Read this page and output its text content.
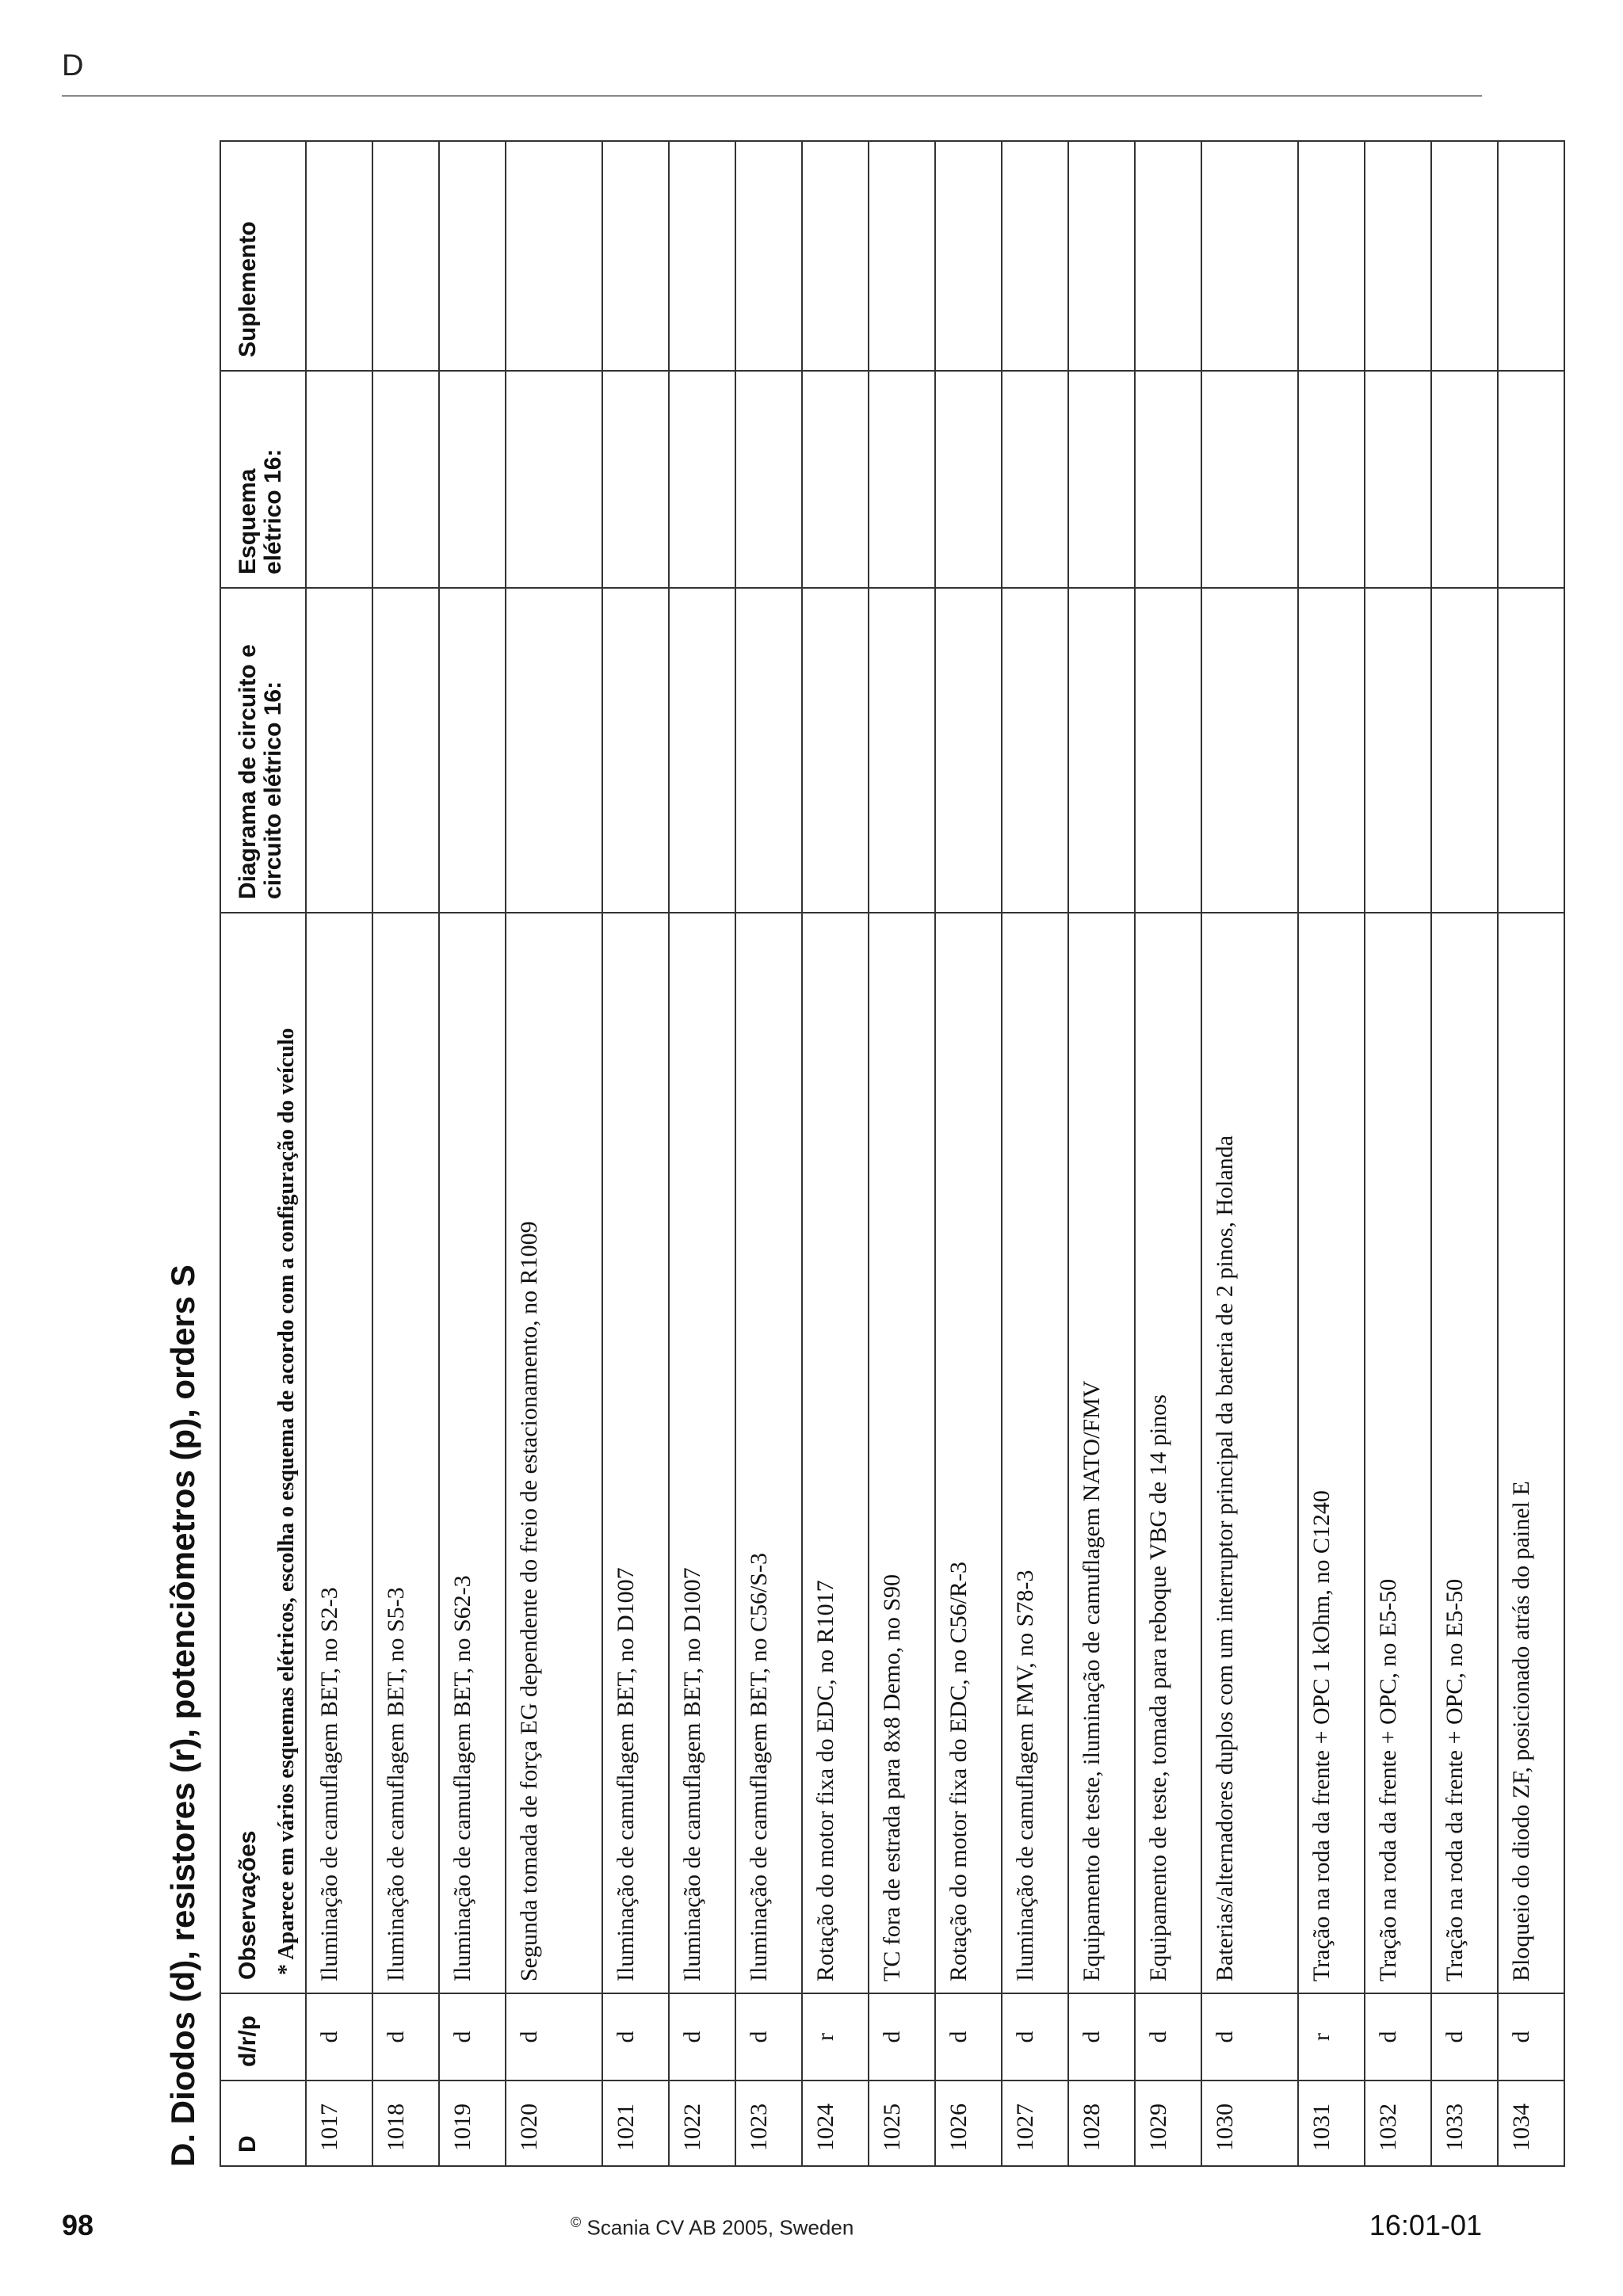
D
D. Diodos (d), resistores (r), potenciômetros (p), orders S	D	d/r/p	Observações * Aparece em vários esquemas elétricos, escolha o esquema de acordo com a configuração do veículo	Diagrama de circuito e circuito elétrico 16:	Esquema elétrico 16:	Suplemento
1017	d	Iluminação de camuflagem BET, no S2-3			
1018	d	Iluminação de camuflagem BET, no S5-3			
1019	d	Iluminação de camuflagem BET, no S62-3			
1020	d	Segunda tomada de força EG dependente do freio de estacionamento, no R1009			
1021	d	Iluminação de camuflagem BET, no D1007			
1022	d	Iluminação de camuflagem BET, no D1007			
1023	d	Iluminação de camuflagem BET, no C56/S-3			
1024	r	Rotação do motor fixa do EDC, no R1017			
1025	d	TC fora de estrada para 8x8 Demo, no S90			
1026	d	Rotação do motor fixa do EDC, no C56/R-3			
1027	d	Iluminação de camuflagem FMV, no S78-3			
1028	d	Equipamento de teste, iluminação de camuflagem NATO/FMV			
1029	d	Equipamento de teste, tomada para reboque VBG de 14 pinos			
1030	d	Baterias/alternadores duplos com um interruptor principal da bateria de 2 pinos, Holanda			
1031	r	Tração na roda da frente + OPC 1 kOhm, no C1240			
1032	d	Tração na roda da frente + OPC, no E5-50			
1033	d	Tração na roda da frente + OPC, no E5-50			
1034	d	Bloqueio do diodo ZF, posicionado atrás do painel E			
98	© Scania CV AB 2005, Sweden	16:01-01
